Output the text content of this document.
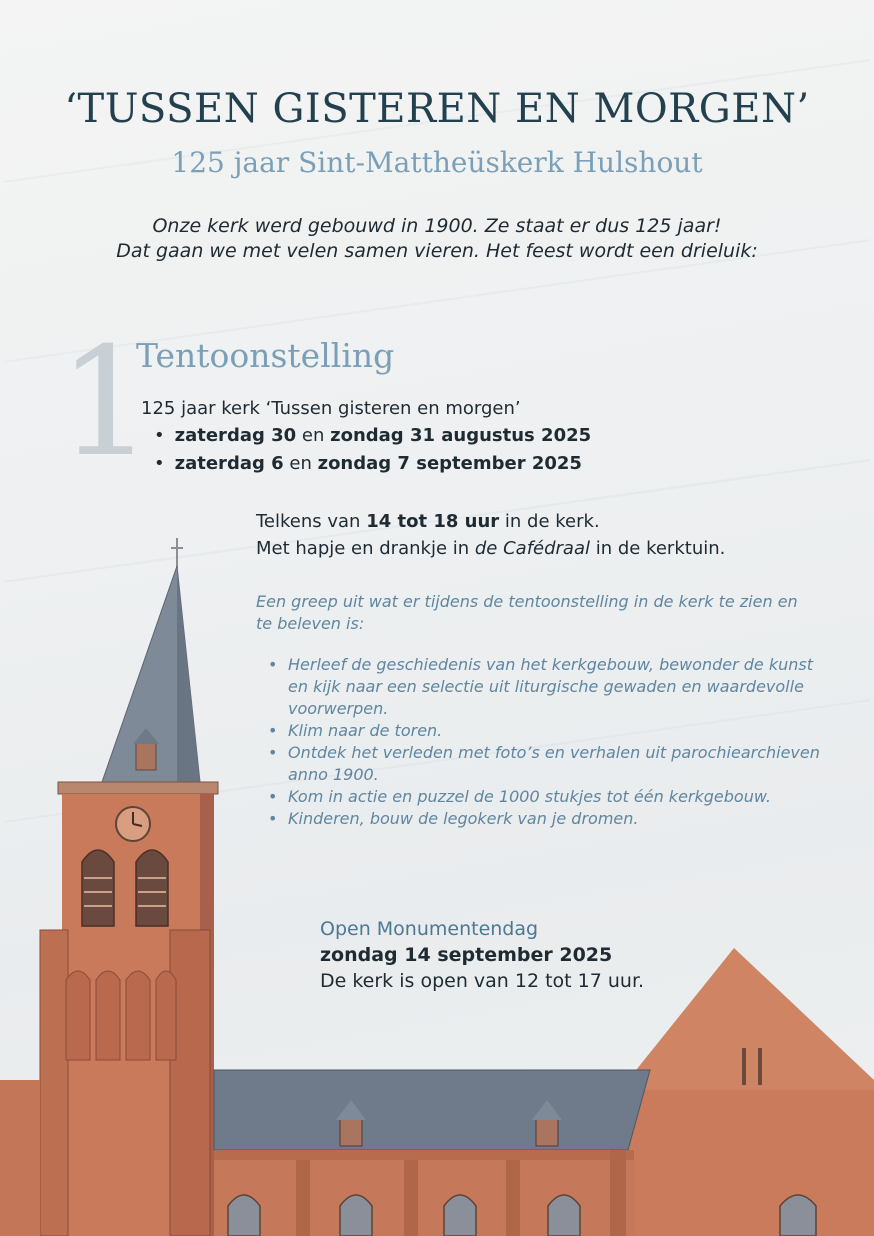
‘TUSSEN GISTEREN EN MORGEN’
125 jaar Sint-Mattheüskerk Hulshout
Onze kerk werd gebouwd in 1900. Ze staat er dus 125 jaar!
Dat gaan we met velen samen vieren. Het feest wordt een drieluik:
1
Tentoonstelling
125 jaar kerk ‘Tussen gisteren en morgen’
• zaterdag 30 en zondag 31 augustus 2025
• zaterdag 6 en zondag 7 september 2025
Telkens van 14 tot 18 uur in de kerk.
Met hapje en drankje in de Cafédraal in de kerktuin.
Een greep uit wat er tijdens de tentoonstelling in de kerk te zien en te beleven is:
• Herleef de geschiedenis van het kerkgebouw, bewonder de kunst en kijk naar een selectie uit liturgische gewaden en waardevolle voorwerpen.
• Klim naar de toren.
• Ontdek het verleden met foto’s en verhalen uit parochiearchieven anno 1900.
• Kom in actie en puzzel de 1000 stukjes tot één kerkgebouw.
• Kinderen, bouw de legokerk van je dromen.
Open Monumentendag
zondag 14 september 2025
De kerk is open van 12 tot 17 uur.
